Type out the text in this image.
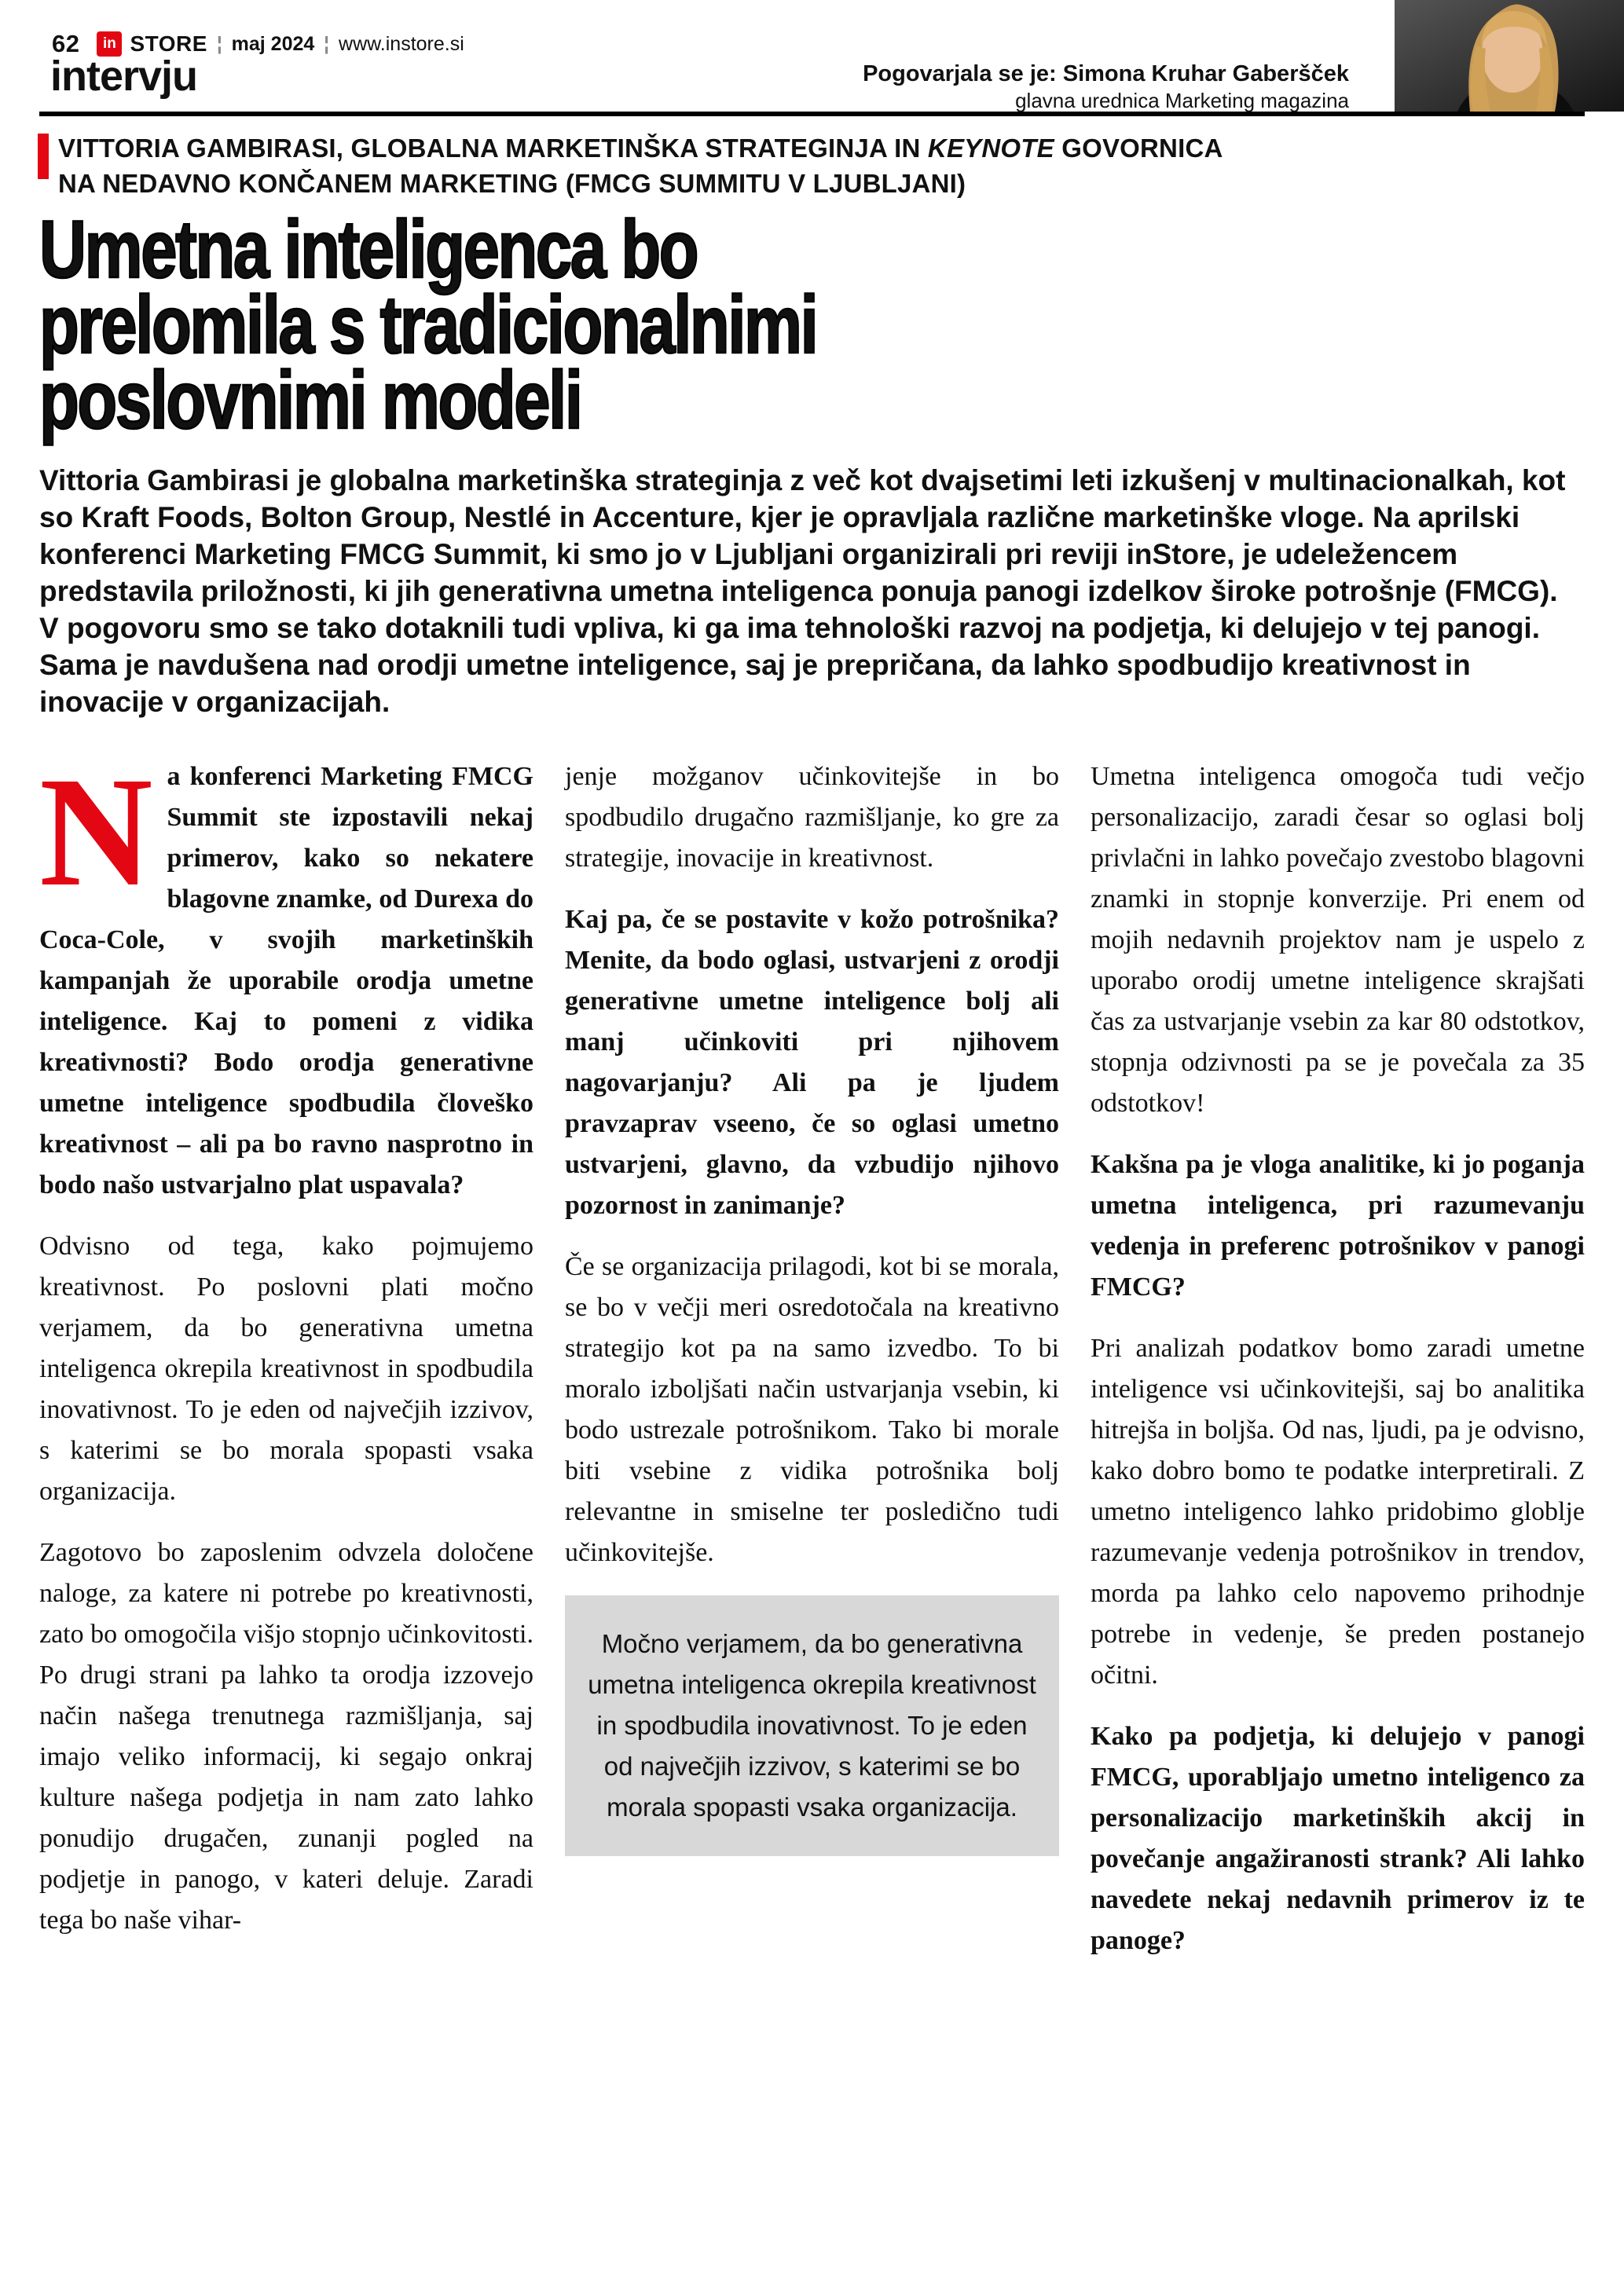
62	in STORE ¦ maj 2024 ¦ www.instore.si
intervju	Pogovarjala se je: Simona Kruhar Gaberšček
glavna urednica Marketing magazina
VITTORIA GAMBIRASI, GLOBALNA MARKETINŠKA STRATEGINJA IN KEYNOTE GOVORNICA
NA NEDAVNO KONČANEM MARKETING (FMCG SUMMITU V LJUBLJANI)
Umetna inteligenca bo
prelomila s tradicionalnimi
poslovnimi modeli
Vittoria Gambirasi je globalna marketinška strateginja z več kot dvajsetimi leti izkušenj v multinacionalkah, kot so Kraft Foods, Bolton Group, Nestlé in Accenture, kjer je opravljala različne marketinške vloge. Na aprilski konferenci Marketing FMCG Summit, ki smo jo v Ljubljani organizirali pri reviji inStore, je udeležencem predstavila priložnosti, ki jih generativna umetna inteligenca ponuja panogi izdelkov široke potrošnje (FMCG). V pogovoru smo se tako dotaknili tudi vpliva, ki ga ima tehnološki razvoj na podjetja, ki delujejo v tej panogi. Sama je navdušena nad orodji umetne inteligence, saj je prepričana, da lahko spodbudijo kreativnost in inovacije v organizacijah.

Na konferenci Marketing FMCG Summit ste izpostavili nekaj primerov, kako so nekatere blagovne znamke, od Durexa do Coca-Cole, v svojih marketinških kampanjah že uporabile orodja umetne inteligence. Kaj to pomeni z vidika kreativnosti? Bodo orodja generativne umetne inteligence spodbudila človeško kreativnost – ali pa bo ravno nasprotno in bodo našo ustvarjalno plat uspavala?

Odvisno od tega, kako pojmujemo kreativnost. Po poslovni plati močno verjamem, da bo generativna umetna inteligenca okrepila kreativnost in spodbudila inovativnost. To je eden od največjih izzivov, s katerimi se bo morala spopasti vsaka organizacija.

Zagotovo bo zaposlenim odvzela določene naloge, za katere ni potrebe po kreativnosti, zato bo omogočila višjo stopnjo učinkovitosti. Po drugi strani pa lahko ta orodja izzovejo način našega trenutnega razmišljanja, saj imajo veliko informacij, ki segajo onkraj kulture našega podjetja in nam zato lahko ponudijo drugačen, zunanji pogled na podjetje in panogo, v kateri deluje. Zaradi tega bo naše vihar-

jenje možganov učinkovitejše in bo spodbudilo drugačno razmišljanje, ko gre za strategije, inovacije in kreativnost.

Kaj pa, če se postavite v kožo potrošnika? Menite, da bodo oglasi, ustvarjeni z orodji generativne umetne inteligence bolj ali manj učinkoviti pri njihovem nagovarjanju? Ali pa je ljudem pravzaprav vseeno, če so oglasi umetno ustvarjeni, glavno, da vzbudijo njihovo pozornost in zanimanje?

Če se organizacija prilagodi, kot bi se morala, se bo v večji meri osredotočala na kreativno strategijo kot pa na samo izvedbo. To bi moralo izboljšati način ustvarjanja vsebin, ki bodo ustrezale potrošnikom. Tako bi morale biti vsebine z vidika potrošnika bolj relevantne in smiselne ter posledično tudi učinkovitejše.

Močno verjamem, da bo generativna umetna inteligenca okrepila kreativnost in spodbudila inovativnost. To je eden od največjih izzivov, s katerimi se bo morala spopasti vsaka organizacija.

Umetna inteligenca omogoča tudi večjo personalizacijo, zaradi česar so oglasi bolj privlačni in lahko povečajo zvestobo blagovni znamki in stopnje konverzije. Pri enem od mojih nedavnih projektov nam je uspelo z uporabo orodij umetne inteligence skrajšati čas za ustvarjanje vsebin za kar 80 odstotkov, stopnja odzivnosti pa se je povečala za 35 odstotkov!

Kakšna pa je vloga analitike, ki jo poganja umetna inteligenca, pri razumevanju vedenja in preferenc potrošnikov v panogi FMCG?

Pri analizah podatkov bomo zaradi umetne inteligence vsi učinkovitejši, saj bo analitika hitrejša in boljša. Od nas, ljudi, pa je odvisno, kako dobro bomo te podatke interpretirali. Z umetno inteligenco lahko pridobimo globlje razumevanje vedenja potrošnikov in trendov, morda pa lahko celo napovemo prihodnje potrebe in vedenje, še preden postanejo očitni.

Kako pa podjetja, ki delujejo v panogi FMCG, uporabljajo umetno inteligenco za personalizacijo marketinških akcij in povečanje angažiranosti strank? Ali lahko navedete nekaj nedavnih primerov iz te panoge?
